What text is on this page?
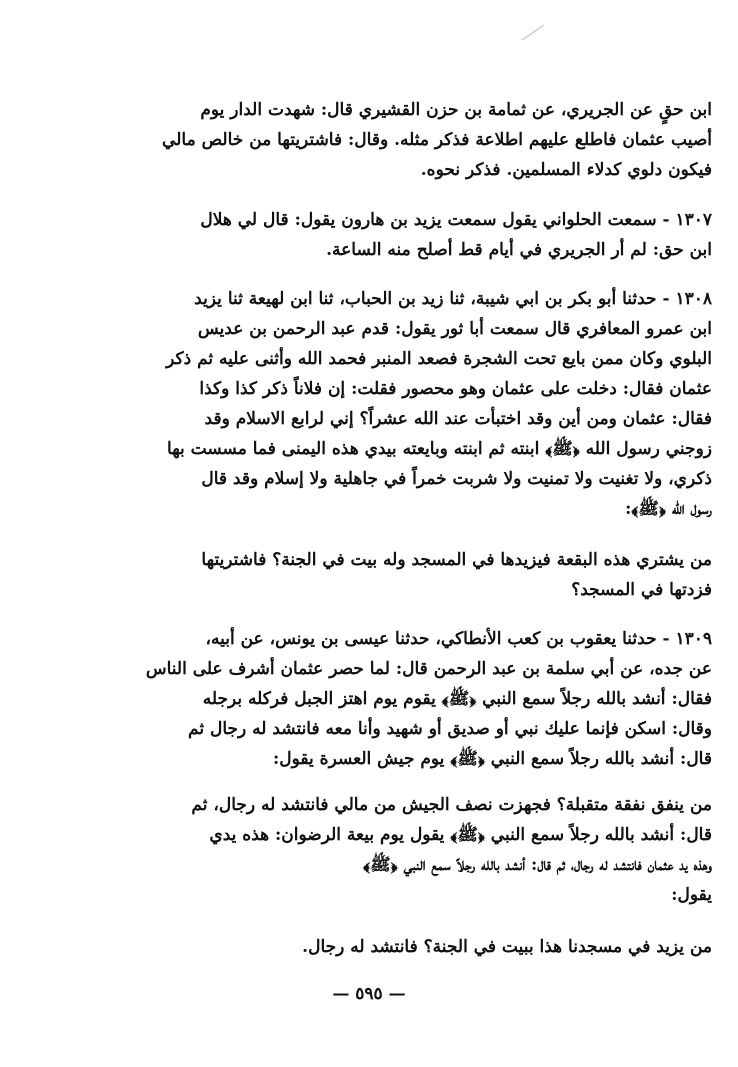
ابن حقٍ عن الجريري، عن ثمامة بن حزن القشيري قال: شهدت الدار يوم
أصيب عثمان فاطلع عليهم اطلاعة فذكر مثله. وقال: فاشتريتها من خالص مالي
فيكون دلوي كدلاء المسلمين. فذكر نحوه.
١٣٠٧ - سمعت الحلواني يقول سمعت يزيد بن هارون يقول: قال لي هلال
ابن حق: لم أر الجريري في أيام قط أصلح منه الساعة.
١٣٠٨ - حدثنا أبو بكر بن ابي شيبة، ثنا زيد بن الحباب، ثنا ابن لهيعة ثنا يزيد
ابن عمرو المعافري قال سمعت أبا ثور يقول: قدم عبد الرحمن بن عديس
البلوي وكان ممن بايع تحت الشجرة فصعد المنبر فحمد الله وأثنى عليه ثم ذكر
عثمان فقال: دخلت على عثمان وهو محصور فقلت: إن فلاناً ذكر كذا وكذا
فقال: عثمان ومن أين وقد اختبأت عند الله عشراً؟ إني لرابع الاسلام وقد
زوجني رسول الله ﴿ﷺ﴾ ابنته ثم ابنته وبايعته بيدي هذه اليمنى فما مسست بها
ذكري، ولا تغنيت ولا تمنيت ولا شربت خمراً في جاهلية ولا إسلام وقد قال
رسول الله ﴿ﷺ﴾:
من يشتري هذه البقعة فيزيدها في المسجد وله بيت في الجنة؟ فاشتريتها
فزدتها في المسجد؟
١٣٠٩ - حدثنا يعقوب بن كعب الأنطاكي، حدثنا عيسى بن يونس، عن أبيه،
عن جده، عن أبي سلمة بن عبد الرحمن قال: لما حصر عثمان أشرف على الناس
فقال: أنشد بالله رجلاً سمع النبي ﴿ﷺ﴾ يقوم يوم اهتز الجبل فركله برجله
وقال: اسكن فإنما عليك نبي أو صديق أو شهيد وأنا معه فانتشد له رجال ثم
قال: أنشد بالله رجلاً سمع النبي ﴿ﷺ﴾ يوم جيش العسرة يقول:
من ينفق نفقة متقبلة؟ فجهزت نصف الجيش من مالي فانتشد له رجال، ثم
قال: أنشد بالله رجلاً سمع النبي ﴿ﷺ﴾ يقول يوم بيعة الرضوان: هذه يدي
وهذه يد عثمان فانتشد له رجال، ثم قال: أنشد بالله رجلاً سمع النبي ﴿ﷺ﴾
يقول:
من يزيد في مسجدنا هذا ببيت في الجنة؟ فانتشد له رجال.
— ٥٩٥ —
